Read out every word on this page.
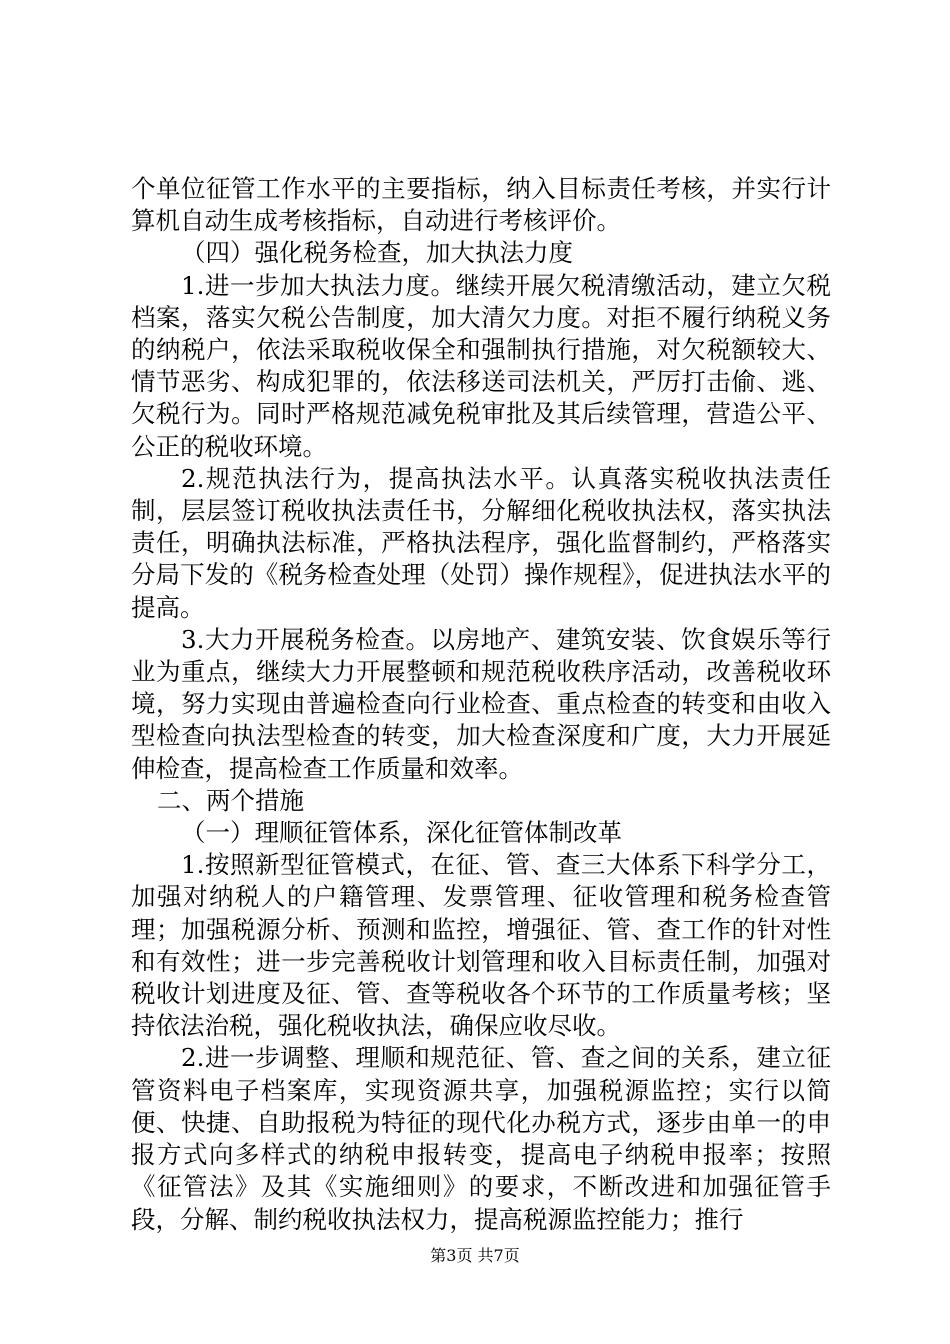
个单位征管工作水平的主要指标，纳入目标责任考核，并实行计算机自动生成考核指标，自动进行考核评价。

（四）强化税务检查，加大执法力度

1.进一步加大执法力度。继续开展欠税清缴活动，建立欠税档案，落实欠税公告制度，加大清欠力度。对拒不履行纳税义务的纳税户，依法采取税收保全和强制执行措施，对欠税额较大、情节恶劣、构成犯罪的，依法移送司法机关，严厉打击偷、逃、欠税行为。同时严格规范减免税审批及其后续管理，营造公平、公正的税收环境。

2.规范执法行为，提高执法水平。认真落实税收执法责任制，层层签订税收执法责任书，分解细化税收执法权，落实执法责任，明确执法标准，严格执法程序，强化监督制约，严格落实分局下发的《税务检查处理（处罚）操作规程》，促进执法水平的提高。

3.大力开展税务检查。以房地产、建筑安装、饮食娱乐等行业为重点，继续大力开展整顿和规范税收秩序活动，改善税收环境，努力实现由普遍检查向行业检查、重点检查的转变和由收入型检查向执法型检查的转变，加大检查深度和广度，大力开展延伸检查，提高检查工作质量和效率。

二、两个措施

（一）理顺征管体系，深化征管体制改革

1.按照新型征管模式，在征、管、查三大体系下科学分工，加强对纳税人的户籍管理、发票管理、征收管理和税务检查管理；加强税源分析、预测和监控，增强征、管、查工作的针对性和有效性；进一步完善税收计划管理和收入目标责任制，加强对税收计划进度及征、管、查等税收各个环节的工作质量考核；坚持依法治税，强化税收执法，确保应收尽收。

2.进一步调整、理顺和规范征、管、查之间的关系，建立征管资料电子档案库，实现资源共享，加强税源监控；实行以简便、快捷、自助报税为特征的现代化办税方式，逐步由单一的申报方式向多样式的纳税申报转变，提高电子纳税申报率；按照《征管法》及其《实施细则》的要求，不断改进和加强征管手段，分解、制约税收执法权力，提高税源监控能力；推行

第3页 共7页
